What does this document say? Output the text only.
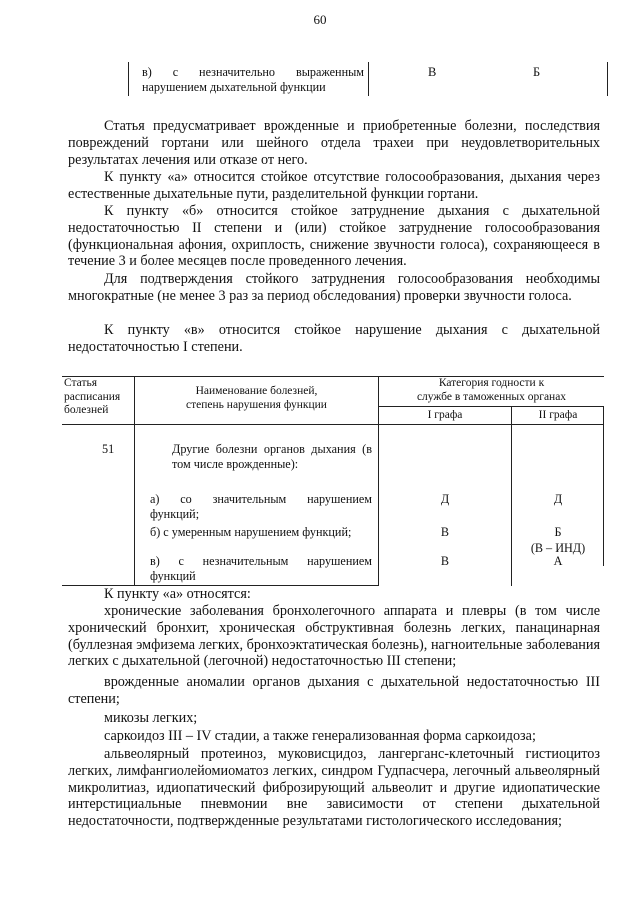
60
в) с незначительно выраженным
нарушением дыхательной функции
В	Б

Статья предусматривает врожденные и приобретенные болезни, последствия повреждений гортани или шейного отдела трахеи при неудовлетворительных результатах лечения или отказе от него.

К пункту «а» относится стойкое отсутствие голосообразования, дыхания через естественные дыхательные пути, разделительной функции гортани.

К пункту «б» относится стойкое затруднение дыхания с дыхательной недостаточностью II степени и (или) стойкое затруднение голосообразования (функциональная афония, охриплость, снижение звучности голоса), сохраняющееся в течение 3 и более месяцев после проведенного лечения.

Для подтверждения стойкого затруднения голосообразования необходимы многократные (не менее 3 раз за период обследования) проверки звучности голоса.

К пункту «в» относится стойкое нарушение дыхания с дыхательной недостаточностью I степени.

Статья
расписания
болезней
Наименование болезней,
степень нарушения функции
Категория годности к
службе в таможенных органах
I графа	II графа
51	Другие болезни органов дыхания (в
том числе врожденные):
а) со значительным нарушением
функций;
Д	Д
б) с умеренным нарушением функций;	В	Б
(В – ИНД)
в) с незначительным нарушением
функций
В	А
К пункту «а» относятся:

хронические заболевания бронхолегочного аппарата и плевры (в том числе хронический бронхит, хроническая обструктивная болезнь легких, панацинарная (буллезная эмфизема легких, бронхоэктатическая болезнь), нагноительные заболевания легких с дыхательной (легочной) недостаточностью III степени;

врожденные аномалии органов дыхания с дыхательной недостаточностью III степени;

микозы легких;

саркоидоз III – IV стадии, а также генерализованная форма саркоидоза;

альвеолярный протеиноз, муковисцидоз, лангерганс-клеточный гистиоцитоз легких, лимфангиолейомиоматоз легких, синдром Гудпасчера, легочный альвеолярный микролитиаз, идиопатический фиброзирующий альвеолит и другие идиопатические интерстициальные пневмонии вне зависимости от степени дыхательной недостаточности, подтвержденные результатами гистологического исследования;
